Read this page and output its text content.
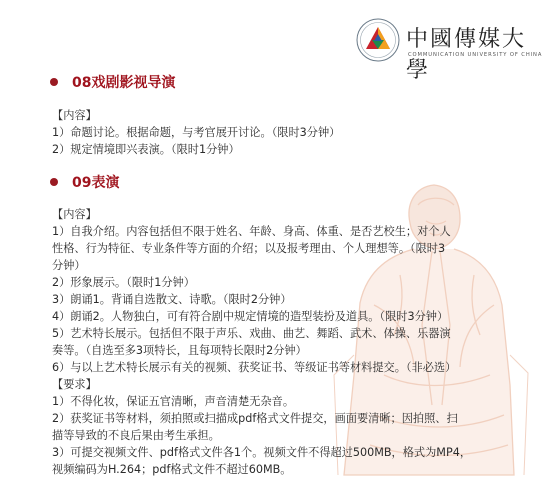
中國傳媒大學
COMMUNICATION UNIVERSITY OF CHINA
08戏剧影视导演

【内容】

1）命题讨论。根据命题，与考官展开讨论。（限时3分钟）

2）规定情境即兴表演。（限时1分钟）

09表演

【内容】

1）自我介绍。内容包括但不限于姓名、年龄、身高、体重、是否艺校生；对个人

性格、行为特征、专业条件等方面的介绍；以及报考理由、个人理想等。（限时3

分钟）

2）形象展示。（限时1分钟）

3）朗诵1。背诵自选散文、诗歌。（限时2分钟）

4）朗诵2。人物独白，可有符合剧中规定情境的造型装扮及道具。（限时3分钟）

5）艺术特长展示。包括但不限于声乐、戏曲、曲艺、舞蹈、武术、体操、乐器演

奏等。（自选至多3项特长，且每项特长限时2分钟）

6）与以上艺术特长展示有关的视频、获奖证书、等级证书等材料提交。（非必选）

【要求】

1）不得化妆，保证五官清晰，声音清楚无杂音。

2）获奖证书等材料，须拍照或扫描成pdf格式文件提交，画面要清晰；因拍照、扫

描等导致的不良后果由考生承担。

3）可提交视频文件、pdf格式文件各1个。视频文件不得超过500MB，格式为MP4，

视频编码为H.264；pdf格式文件不超过60MB。
